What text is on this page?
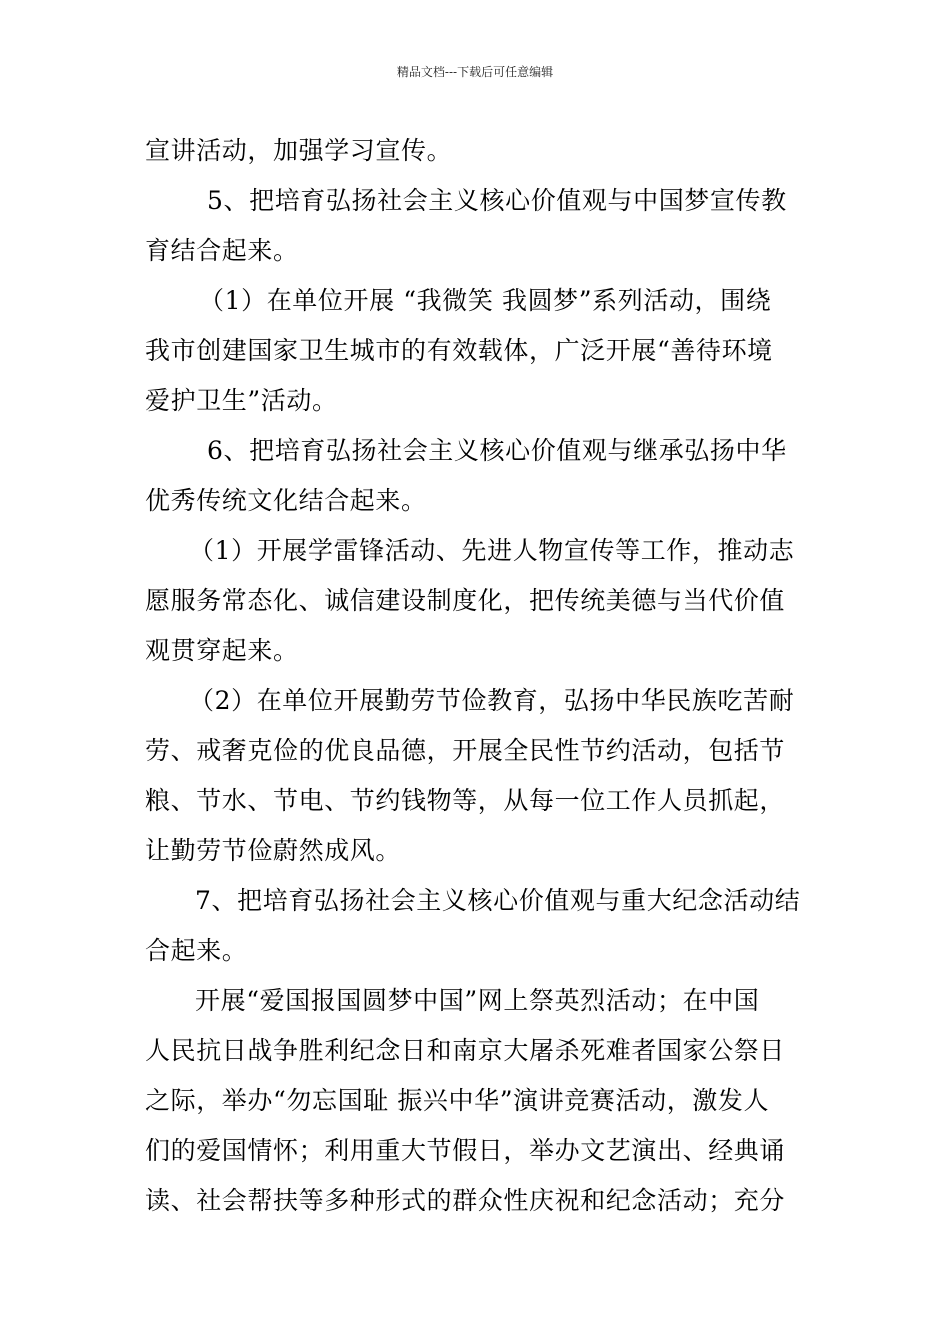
精品文档---下载后可任意编辑

宣讲活动，加强学习宣传。

5、把培育弘扬社会主义核心价值观与中国梦宣传教
育结合起来。

（1）在单位开展 “我微笑 我圆梦”系列活动，围绕
我市创建国家卫生城市的有效载体，广泛开展“善待环境
爱护卫生”活动。

6、把培育弘扬社会主义核心价值观与继承弘扬中华
优秀传统文化结合起来。

（1）开展学雷锋活动、先进人物宣传等工作，推动志
愿服务常态化、诚信建设制度化，把传统美德与当代价值
观贯穿起来。

（2）在单位开展勤劳节俭教育，弘扬中华民族吃苦耐
劳、戒奢克俭的优良品德，开展全民性节约活动，包括节
粮、节水、节电、节约钱物等，从每一位工作人员抓起，
让勤劳节俭蔚然成风。

7、把培育弘扬社会主义核心价值观与重大纪念活动结
合起来。

开展“爱国报国圆梦中国”网上祭英烈活动；在中国
人民抗日战争胜利纪念日和南京大屠杀死难者国家公祭日
之际，举办“勿忘国耻 振兴中华”演讲竞赛活动，激发人
们的爱国情怀；利用重大节假日，举办文艺演出、经典诵
读、社会帮扶等多种形式的群众性庆祝和纪念活动；充分
